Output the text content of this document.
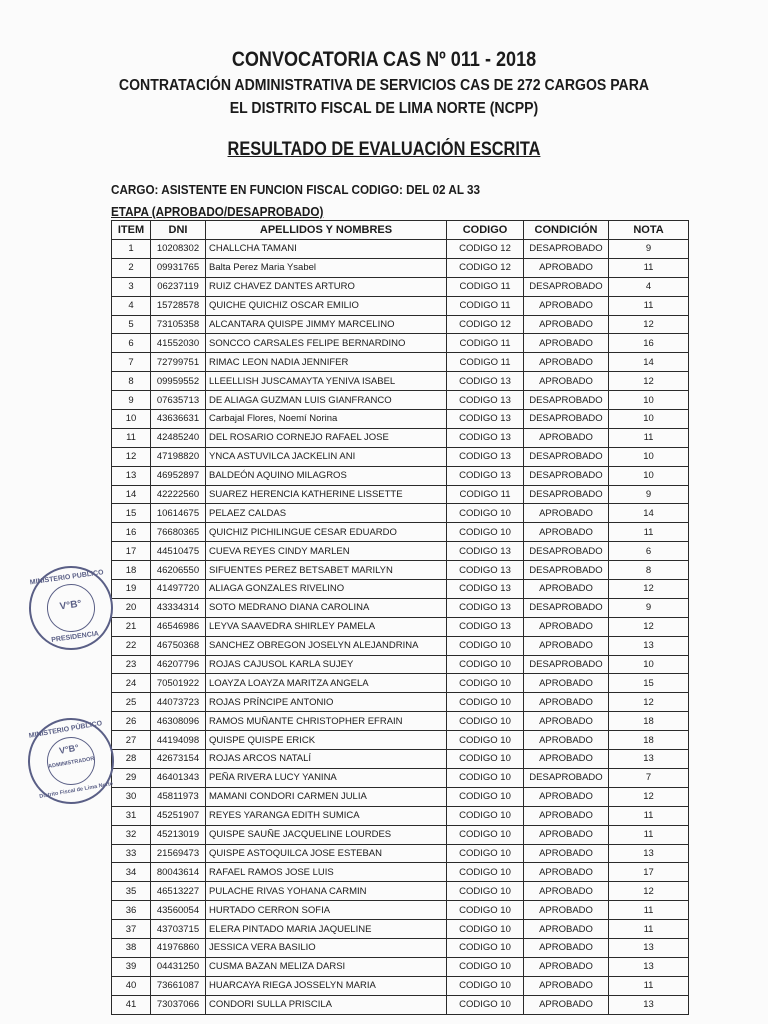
CONVOCATORIA CAS Nº 011 - 2018
CONTRATACIÓN ADMINISTRATIVA DE SERVICIOS CAS DE 272 CARGOS PARA
EL DISTRITO FISCAL DE LIMA NORTE (NCPP)
RESULTADO DE EVALUACIÓN ESCRITA
CARGO: ASISTENTE EN FUNCION FISCAL CODIGO: DEL 02 AL 33
ETAPA (APROBADO/DESAPROBADO)
ITEM	DNI	APELLIDOS Y NOMBRES	CODIGO	CONDICIÓN	NOTA
1	10208302	CHALLCHA TAMANI	CODIGO 12	DESAPROBADO	9
2	09931765	Balta Perez Maria Ysabel	CODIGO 12	APROBADO	11
3	06237119	RUIZ CHAVEZ DANTES ARTURO	CODIGO 11	DESAPROBADO	4
4	15728578	QUICHE QUICHIZ OSCAR EMILIO	CODIGO 11	APROBADO	11
5	73105358	ALCANTARA QUISPE JIMMY MARCELINO	CODIGO 12	APROBADO	12
6	41552030	SONCCO CARSALES FELIPE BERNARDINO	CODIGO 11	APROBADO	16
7	72799751	RIMAC LEON NADIA JENNIFER	CODIGO 11	APROBADO	14
8	09959552	LLEELLISH JUSCAMAYTA YENIVA ISABEL	CODIGO 13	APROBADO	12
9	07635713	DE ALIAGA GUZMAN LUIS GIANFRANCO	CODIGO 13	DESAPROBADO	10
10	43636631	Carbajal Flores, Noemí Norina	CODIGO 13	DESAPROBADO	10
11	42485240	DEL ROSARIO CORNEJO RAFAEL JOSE	CODIGO 13	APROBADO	11
12	47198820	YNCA ASTUVILCA JACKELIN ANI	CODIGO 13	DESAPROBADO	10
13	46952897	BALDEÓN AQUINO MILAGROS	CODIGO 13	DESAPROBADO	10
14	42222560	SUAREZ HERENCIA KATHERINE LISSETTE	CODIGO 11	DESAPROBADO	9
15	10614675	PELAEZ CALDAS	CODIGO 10	APROBADO	14
16	76680365	QUICHIZ PICHILINGUE CESAR EDUARDO	CODIGO 10	APROBADO	11
17	44510475	CUEVA REYES CINDY MARLEN	CODIGO 13	DESAPROBADO	6
18	46206550	SIFUENTES PEREZ BETSABET MARILYN	CODIGO 13	DESAPROBADO	8
19	41497720	ALIAGA GONZALES RIVELINO	CODIGO 13	APROBADO	12
20	43334314	SOTO MEDRANO DIANA CAROLINA	CODIGO 13	DESAPROBADO	9
21	46546986	LEYVA SAAVEDRA SHIRLEY PAMELA	CODIGO 13	APROBADO	12
22	46750368	SANCHEZ OBREGON JOSELYN ALEJANDRINA	CODIGO 10	APROBADO	13
23	46207796	ROJAS CAJUSOL KARLA SUJEY	CODIGO 10	DESAPROBADO	10
24	70501922	LOAYZA LOAYZA MARITZA ANGELA	CODIGO 10	APROBADO	15
25	44073723	ROJAS PRÍNCIPE ANTONIO	CODIGO 10	APROBADO	12
26	46308096	RAMOS MUÑANTE CHRISTOPHER EFRAIN	CODIGO 10	APROBADO	18
27	44194098	QUISPE QUISPE ERICK	CODIGO 10	APROBADO	18
28	42673154	ROJAS ARCOS NATALÍ	CODIGO 10	APROBADO	13
29	46401343	PEÑA RIVERA LUCY YANINA	CODIGO 10	DESAPROBADO	7
30	45811973	MAMANI CONDORI CARMEN JULIA	CODIGO 10	APROBADO	12
31	45251907	REYES YARANGA EDITH SUMICA	CODIGO 10	APROBADO	11
32	45213019	QUISPE SAUÑE JACQUELINE LOURDES	CODIGO 10	APROBADO	11
33	21569473	QUISPE ASTOQUILCA JOSE ESTEBAN	CODIGO 10	APROBADO	13
34	80043614	RAFAEL RAMOS JOSE LUIS	CODIGO 10	APROBADO	17
35	46513227	PULACHE RIVAS YOHANA CARMIN	CODIGO 10	APROBADO	12
36	43560054	HURTADO CERRON SOFIA	CODIGO 10	APROBADO	11
37	43703715	ELERA PINTADO MARIA JAQUELINE	CODIGO 10	APROBADO	11
38	41976860	JESSICA VERA BASILIO	CODIGO 10	APROBADO	13
39	04431250	CUSMA BAZAN MELIZA DARSI	CODIGO 10	APROBADO	13
40	73661087	HUARCAYA RIEGA JOSSELYN MARIA	CODIGO 10	APROBADO	11
41	73037066	CONDORI SULLA PRISCILA	CODIGO 10	APROBADO	13
MINISTERIO PUBLICO
V°B°
PRESIDENCIA
MINISTERIO PÚBLICO
V°B°
ADMINISTRADOR
Distrito Fiscal de Lima Norte
